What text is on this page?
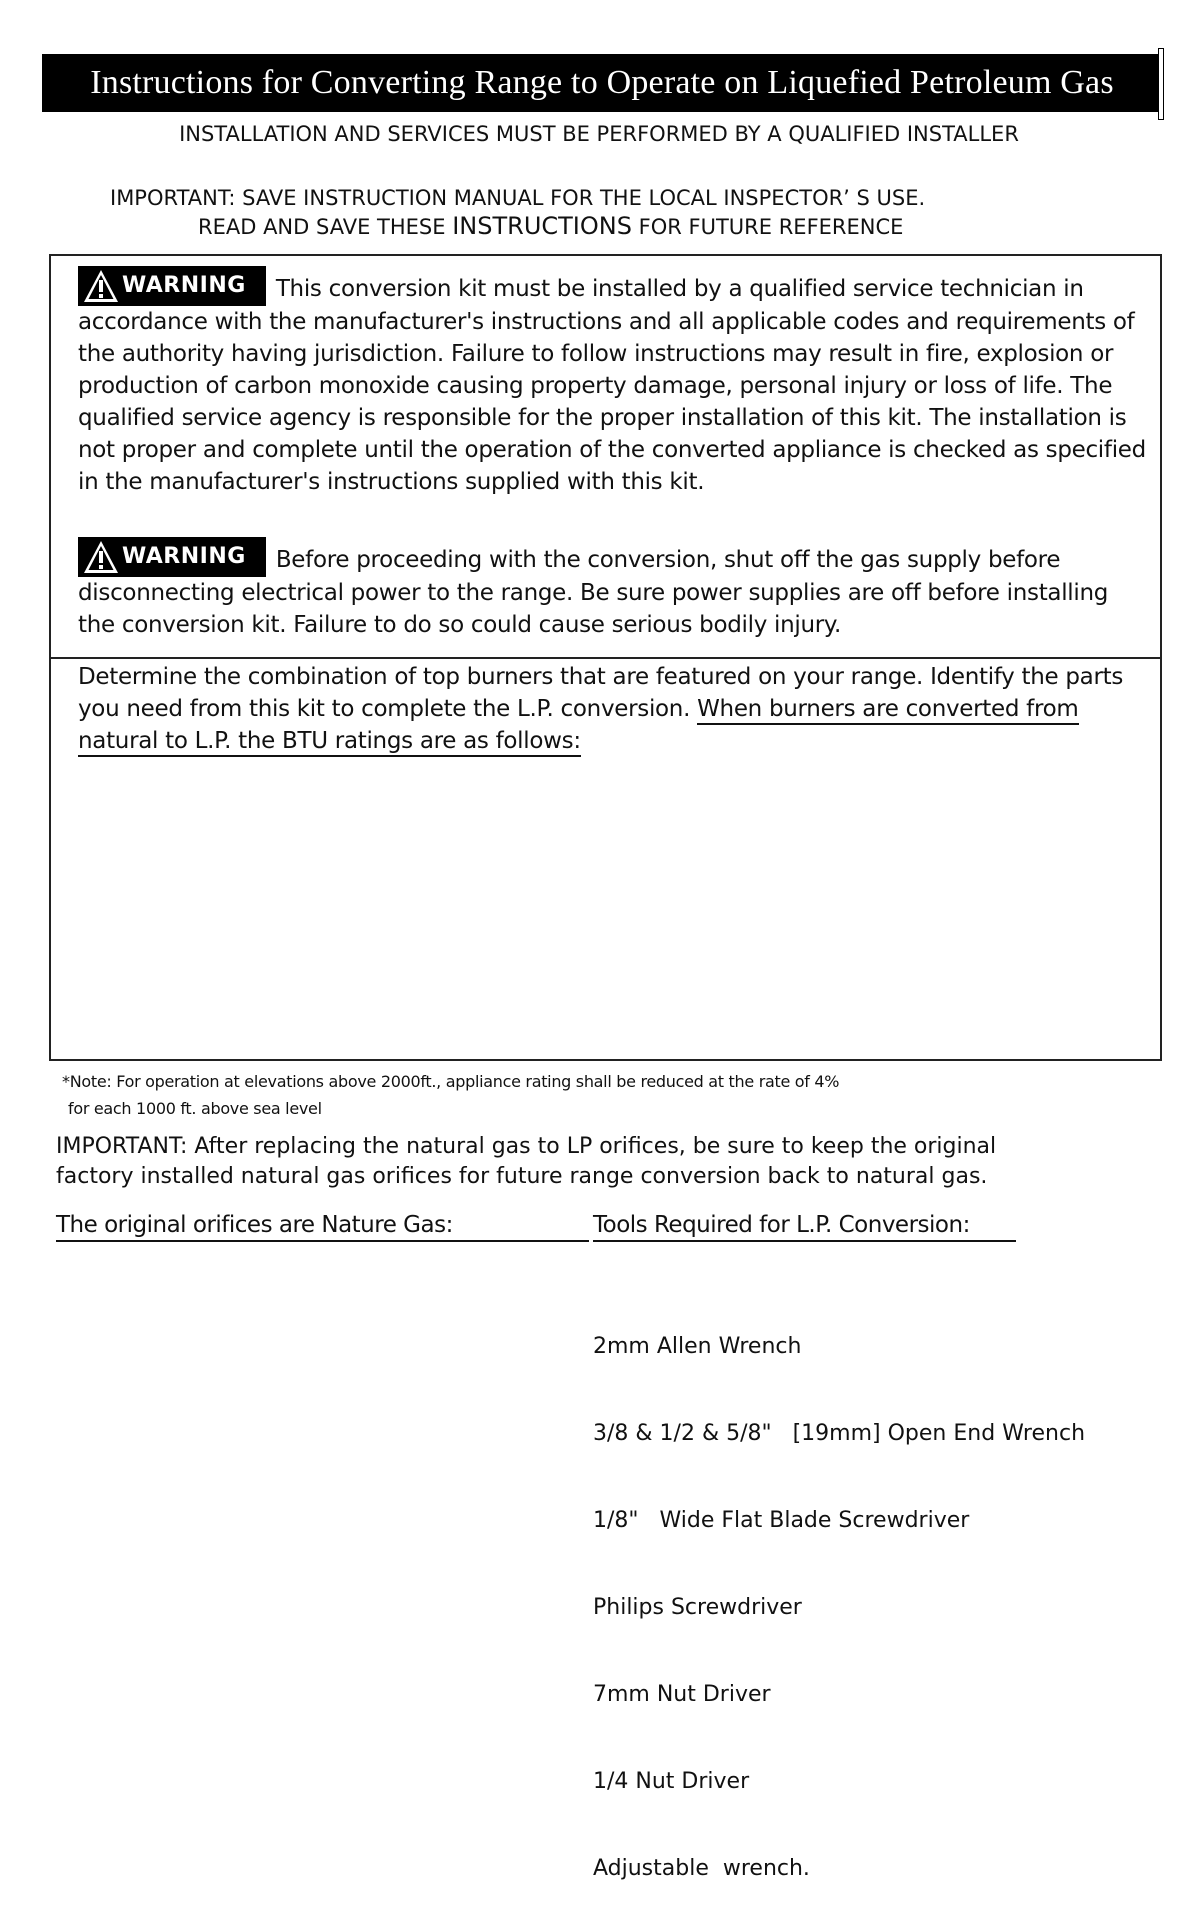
Instructions for Converting Range to Operate on Liquefied Petroleum Gas
INSTALLATION AND SERVICES MUST BE PERFORMED BY A QUALIFIED INSTALLER
IMPORTANT: SAVE INSTRUCTION MANUAL FOR THE LOCAL INSPECTOR’ S USE.
READ AND SAVE THESE INSTRUCTIONS FOR FUTURE REFERENCE
WARNING This conversion kit must be installed by a qualified service technician in accordance with the manufacturer's instructions and all applicable codes and requirements of the authority having jurisdiction. Failure to follow instructions may result in fire, explosion or production of carbon monoxide causing property damage, personal injury or loss of life. The qualified service agency is responsible for the proper installation of this kit. The installation is not proper and complete until the operation of the converted appliance is checked as specified in the manufacturer's instructions supplied with this kit.
WARNING Before proceeding with the conversion, shut off the gas supply before disconnecting electrical power to the range. Be sure power supplies are off before installing the conversion kit. Failure to do so could cause serious bodily injury.
Determine the combination of top burners that are featured on your range. Identify the parts you need from this kit to complete the L.P. conversion. When burners are converted from natural to L.P. the BTU ratings are as follows:
*Note: For operation at elevations above 2000ft., appliance rating shall be reduced at the rate of 4%
for each 1000 ft. above sea level
IMPORTANT: After replacing the natural gas to LP orifices, be sure to keep the original
factory installed natural gas orifices for future range conversion back to natural gas.
The original orifices are Nature Gas:	Tools Required for L.P. Conversion:

2mm Allen Wrench

3/8 & 1/2 & 5/8"   [19mm] Open End Wrench

1/8"   Wide Flat Blade Screwdriver

Philips Screwdriver

7mm Nut Driver

1/4 Nut Driver

Adjustable  wrench.
